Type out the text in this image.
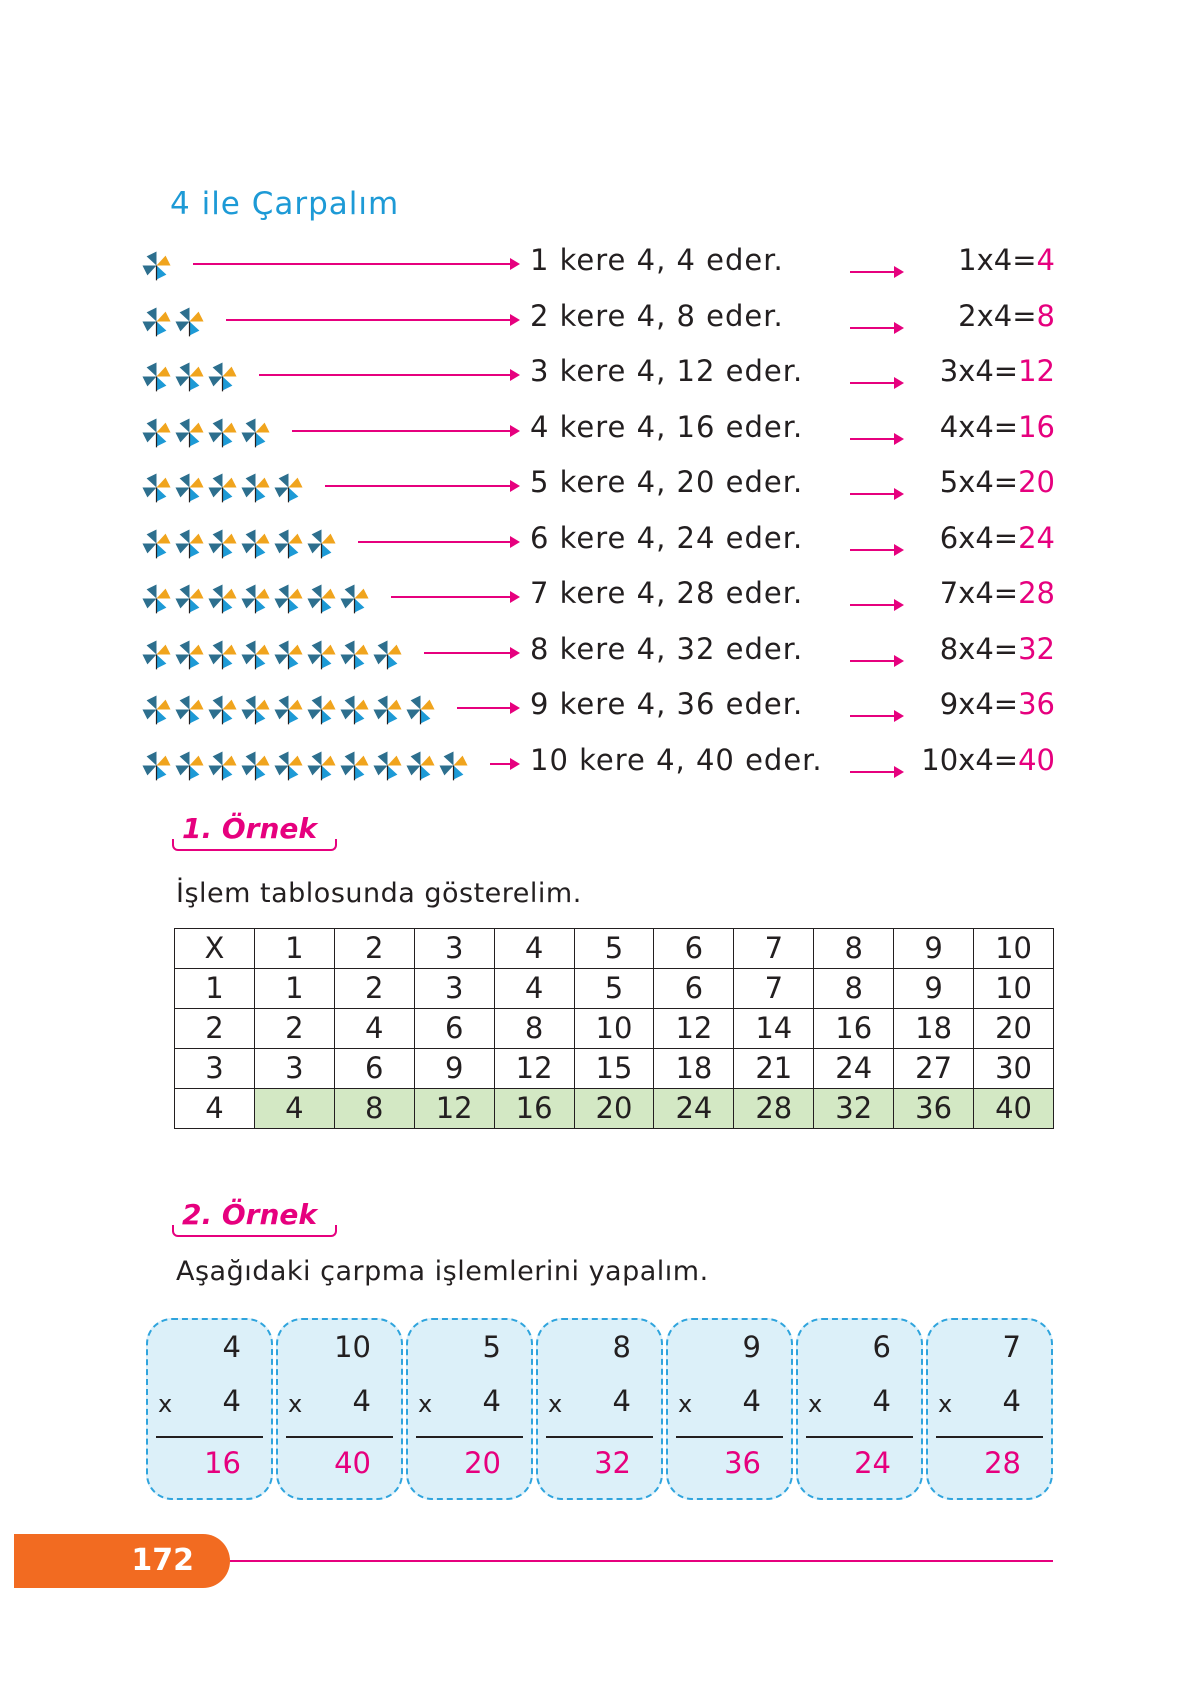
4 ile Çarpalım
1 kere 4, 4 eder.	1x4=4
2 kere 4, 8 eder.	2x4=8
3 kere 4, 12 eder.	3x4=12
4 kere 4, 16 eder.	4x4=16
5 kere 4, 20 eder.	5x4=20
6 kere 4, 24 eder.	6x4=24
7 kere 4, 28 eder.	7x4=28
8 kere 4, 32 eder.	8x4=32
9 kere 4, 36 eder.	9x4=36
10 kere 4, 40 eder.	10x4=40
1. Örnek
İşlem tablosunda gösterelim.
X	1	2	3	4	5	6	7	8	9	10
1	1	2	3	4	5	6	7	8	9	10
2	2	4	6	8	10	12	14	16	18	20
3	3	6	9	12	15	18	21	24	27	30
4	4	8	12	16	20	24	28	32	36	40
2. Örnek
Aşağıdaki çarpma işlemlerini yapalım.
4
x 4
16
10
x 4
40
5
x 4
20
8
x 4
32
9
x 4
36
6
x 4
24
7
x 4
28
172
